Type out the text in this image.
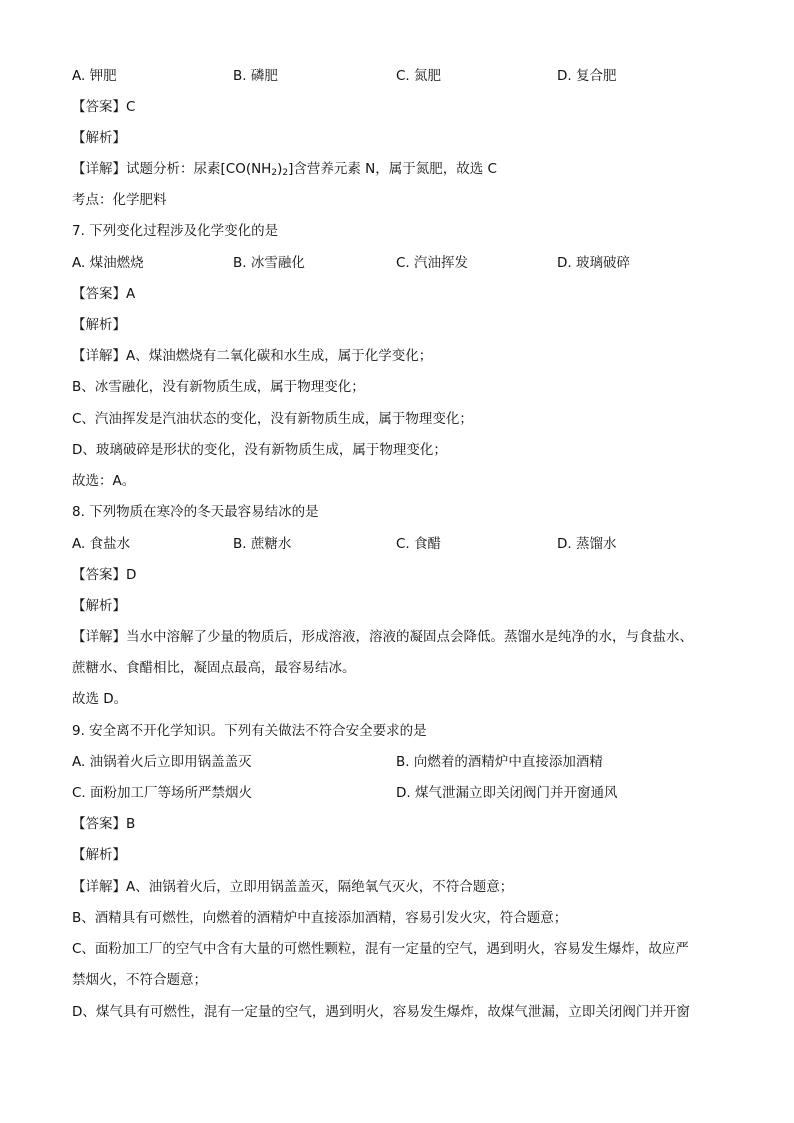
A. 钾肥	B. 磷肥	C. 氮肥	D. 复合肥
【答案】C
【解析】
【详解】试题分析：尿素$[CO(NH_2)_2]$含营养元素 N，属于氮肥，故选 C
考点：化学肥料
7. 下列变化过程涉及化学变化的是
A. 煤油燃烧	B. 冰雪融化	C. 汽油挥发	D. 玻璃破碎
【答案】A
【解析】
【详解】A、煤油燃烧有二氧化碳和水生成，属于化学变化；
B、冰雪融化，没有新物质生成，属于物理变化；
C、汽油挥发是汽油状态的变化，没有新物质生成，属于物理变化；
D、玻璃破碎是形状的变化，没有新物质生成，属于物理变化；
故选：A。
8. 下列物质在寒冷的冬天最容易结冰的是
A. 食盐水	B. 蔗糖水	C. 食醋	D. 蒸馏水
【答案】D
【解析】
【详解】当水中溶解了少量的物质后，形成溶液，溶液的凝固点会降低。蒸馏水是纯净的水，与食盐水、
蔗糖水、食醋相比，凝固点最高，最容易结冰。
故选 D。
9. 安全离不开化学知识。下列有关做法不符合安全要求的是
A. 油锅着火后立即用锅盖盖灭	B. 向燃着的酒精炉中直接添加酒精
C. 面粉加工厂等场所严禁烟火	D. 煤气泄漏立即关闭阀门并开窗通风
【答案】B
【解析】
【详解】A、油锅着火后，立即用锅盖盖灭，隔绝氧气灭火，不符合题意；
B、酒精具有可燃性，向燃着的酒精炉中直接添加酒精，容易引发火灾，符合题意；
C、面粉加工厂的空气中含有大量的可燃性颗粒，混有一定量的空气，遇到明火，容易发生爆炸，故应严
禁烟火，不符合题意；
D、煤气具有可燃性，混有一定量的空气，遇到明火，容易发生爆炸，故煤气泄漏，立即关闭阀门并开窗
